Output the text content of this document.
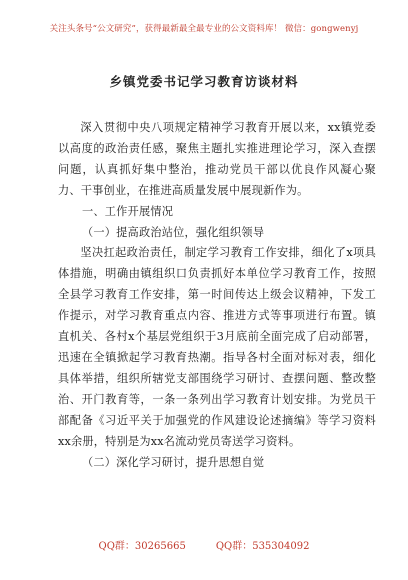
关注头条号“公文研究”，获得最新最全最专业的公文资料库！ 微信：gongwenyj
乡镇党委书记学习教育访谈材料

深入贯彻中央八项规定精神学习教育开展以来，xx镇党委以高度的政治责任感，聚焦主题扎实推进理论学习，深入查摆问题，认真抓好集中整治，推动党员干部以优良作风凝心聚力、干事创业，在推进高质量发展中展现新作为。

一、工作开展情况

（一）提高政治站位，强化组织领导

坚决扛起政治责任，制定学习教育工作安排，细化了x项具体措施，明确由镇组织口负责抓好本单位学习教育工作，按照全县学习教育工作安排，第一时间传达上级会议精神，下发工作提示，对学习教育重点内容、推进方式等事项进行布置。镇直机关、各村x个基层党组织于3月底前全面完成了启动部署，迅速在全镇掀起学习教育热潮。指导各村全面对标对表，细化具体举措，组织所辖党支部围绕学习研讨、查摆问题、整改整治、开门教育等，一条一条列出学习教育计划安排。为党员干部配备《习近平关于加强党的作风建设论述摘编》等学习资料xx余册，特别是为xx名流动党员寄送学习资料。

（二）深化学习研讨，提升思想自觉

QQ群：30265665	QQ群：535304092
